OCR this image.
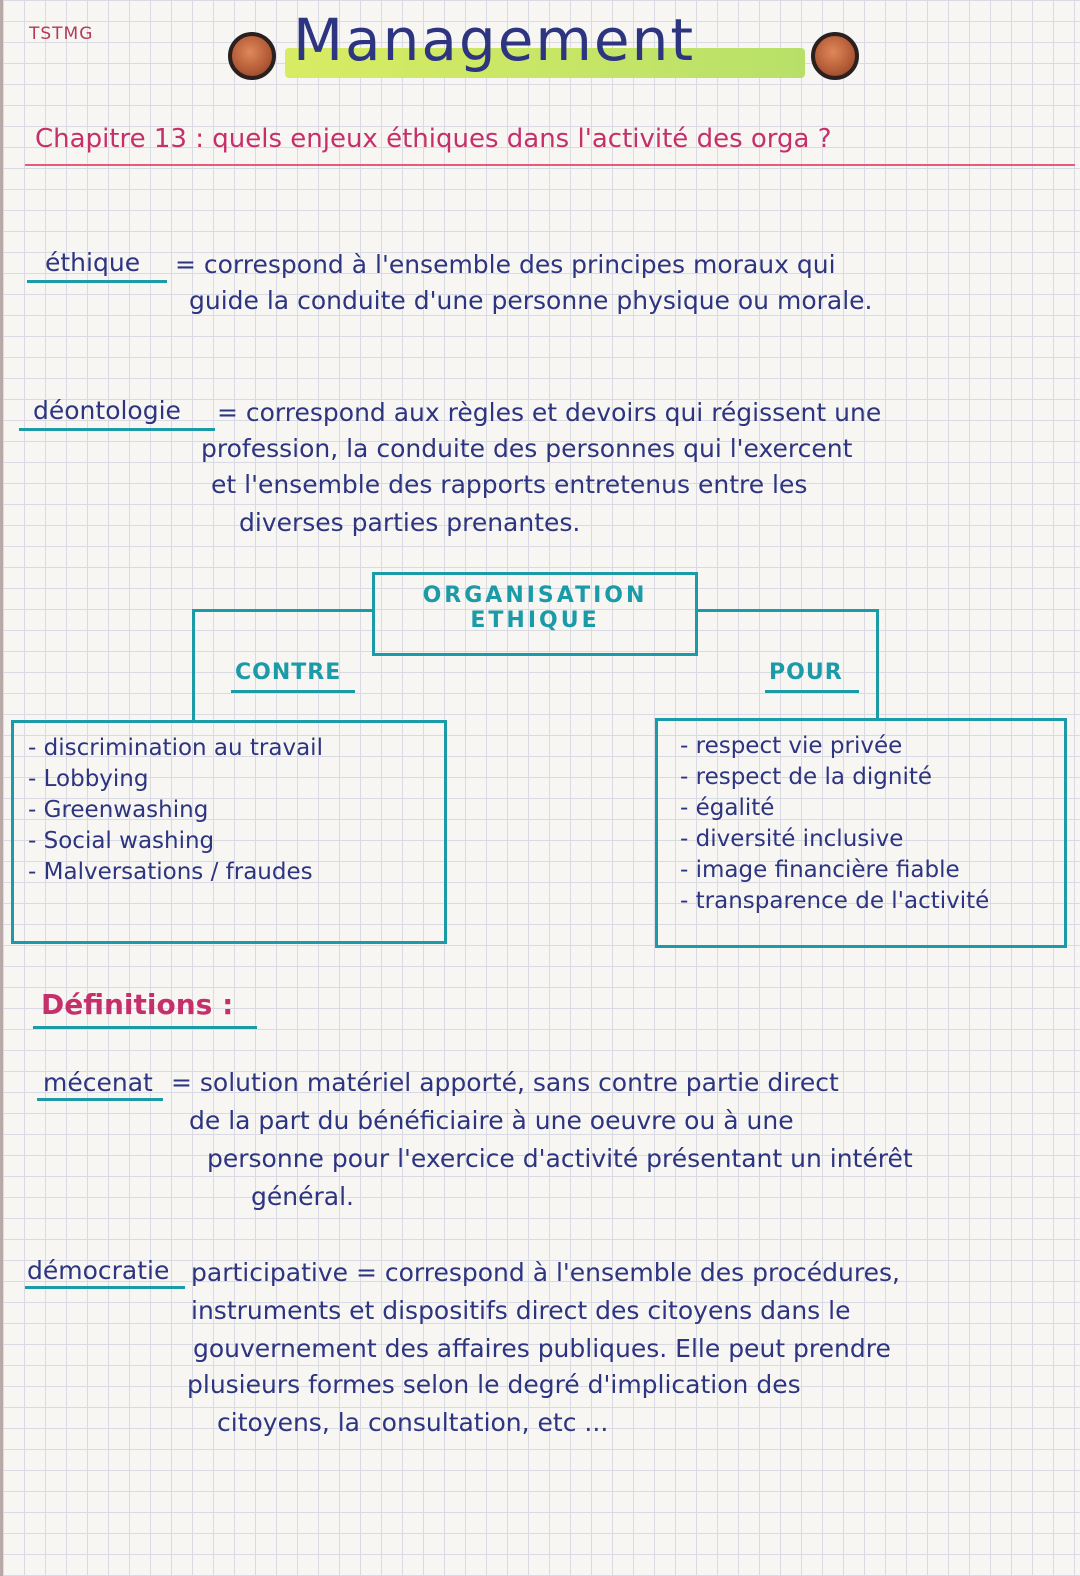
TSTMG	Management
Chapitre 13 : quels enjeux éthiques dans l'activité des orga ?
éthique = correspond à l'ensemble des principes moraux qui
guide la conduite d'une personne physique ou morale.
déontologie = correspond aux règles et devoirs qui régissent une
profession, la conduite des personnes qui l'exercent
et l'ensemble des rapports entretenus entre les
diverses parties prenantes.
ORGANISATION
ETHIQUE
CONTRE	POUR
- discrimination au travail
- Lobbying
- Greenwashing
- Social washing
- Malversations / fraudes
- respect vie privée
- respect de la dignité
- égalité
- diversité inclusive
- image financière fiable
- transparence de l'activité
Définitions :
mécenat = solution matériel apporté, sans contre partie direct
de la part du bénéficiaire à une oeuvre ou à une
personne pour l'exercice d'activité présentant un intérêt
général.
démocratie participative = correspond à l'ensemble des procédures,
instruments et dispositifs direct des citoyens dans le
gouvernement des affaires publiques. Elle peut prendre
plusieurs formes selon le degré d'implication des
citoyens, la consultation, etc ...
